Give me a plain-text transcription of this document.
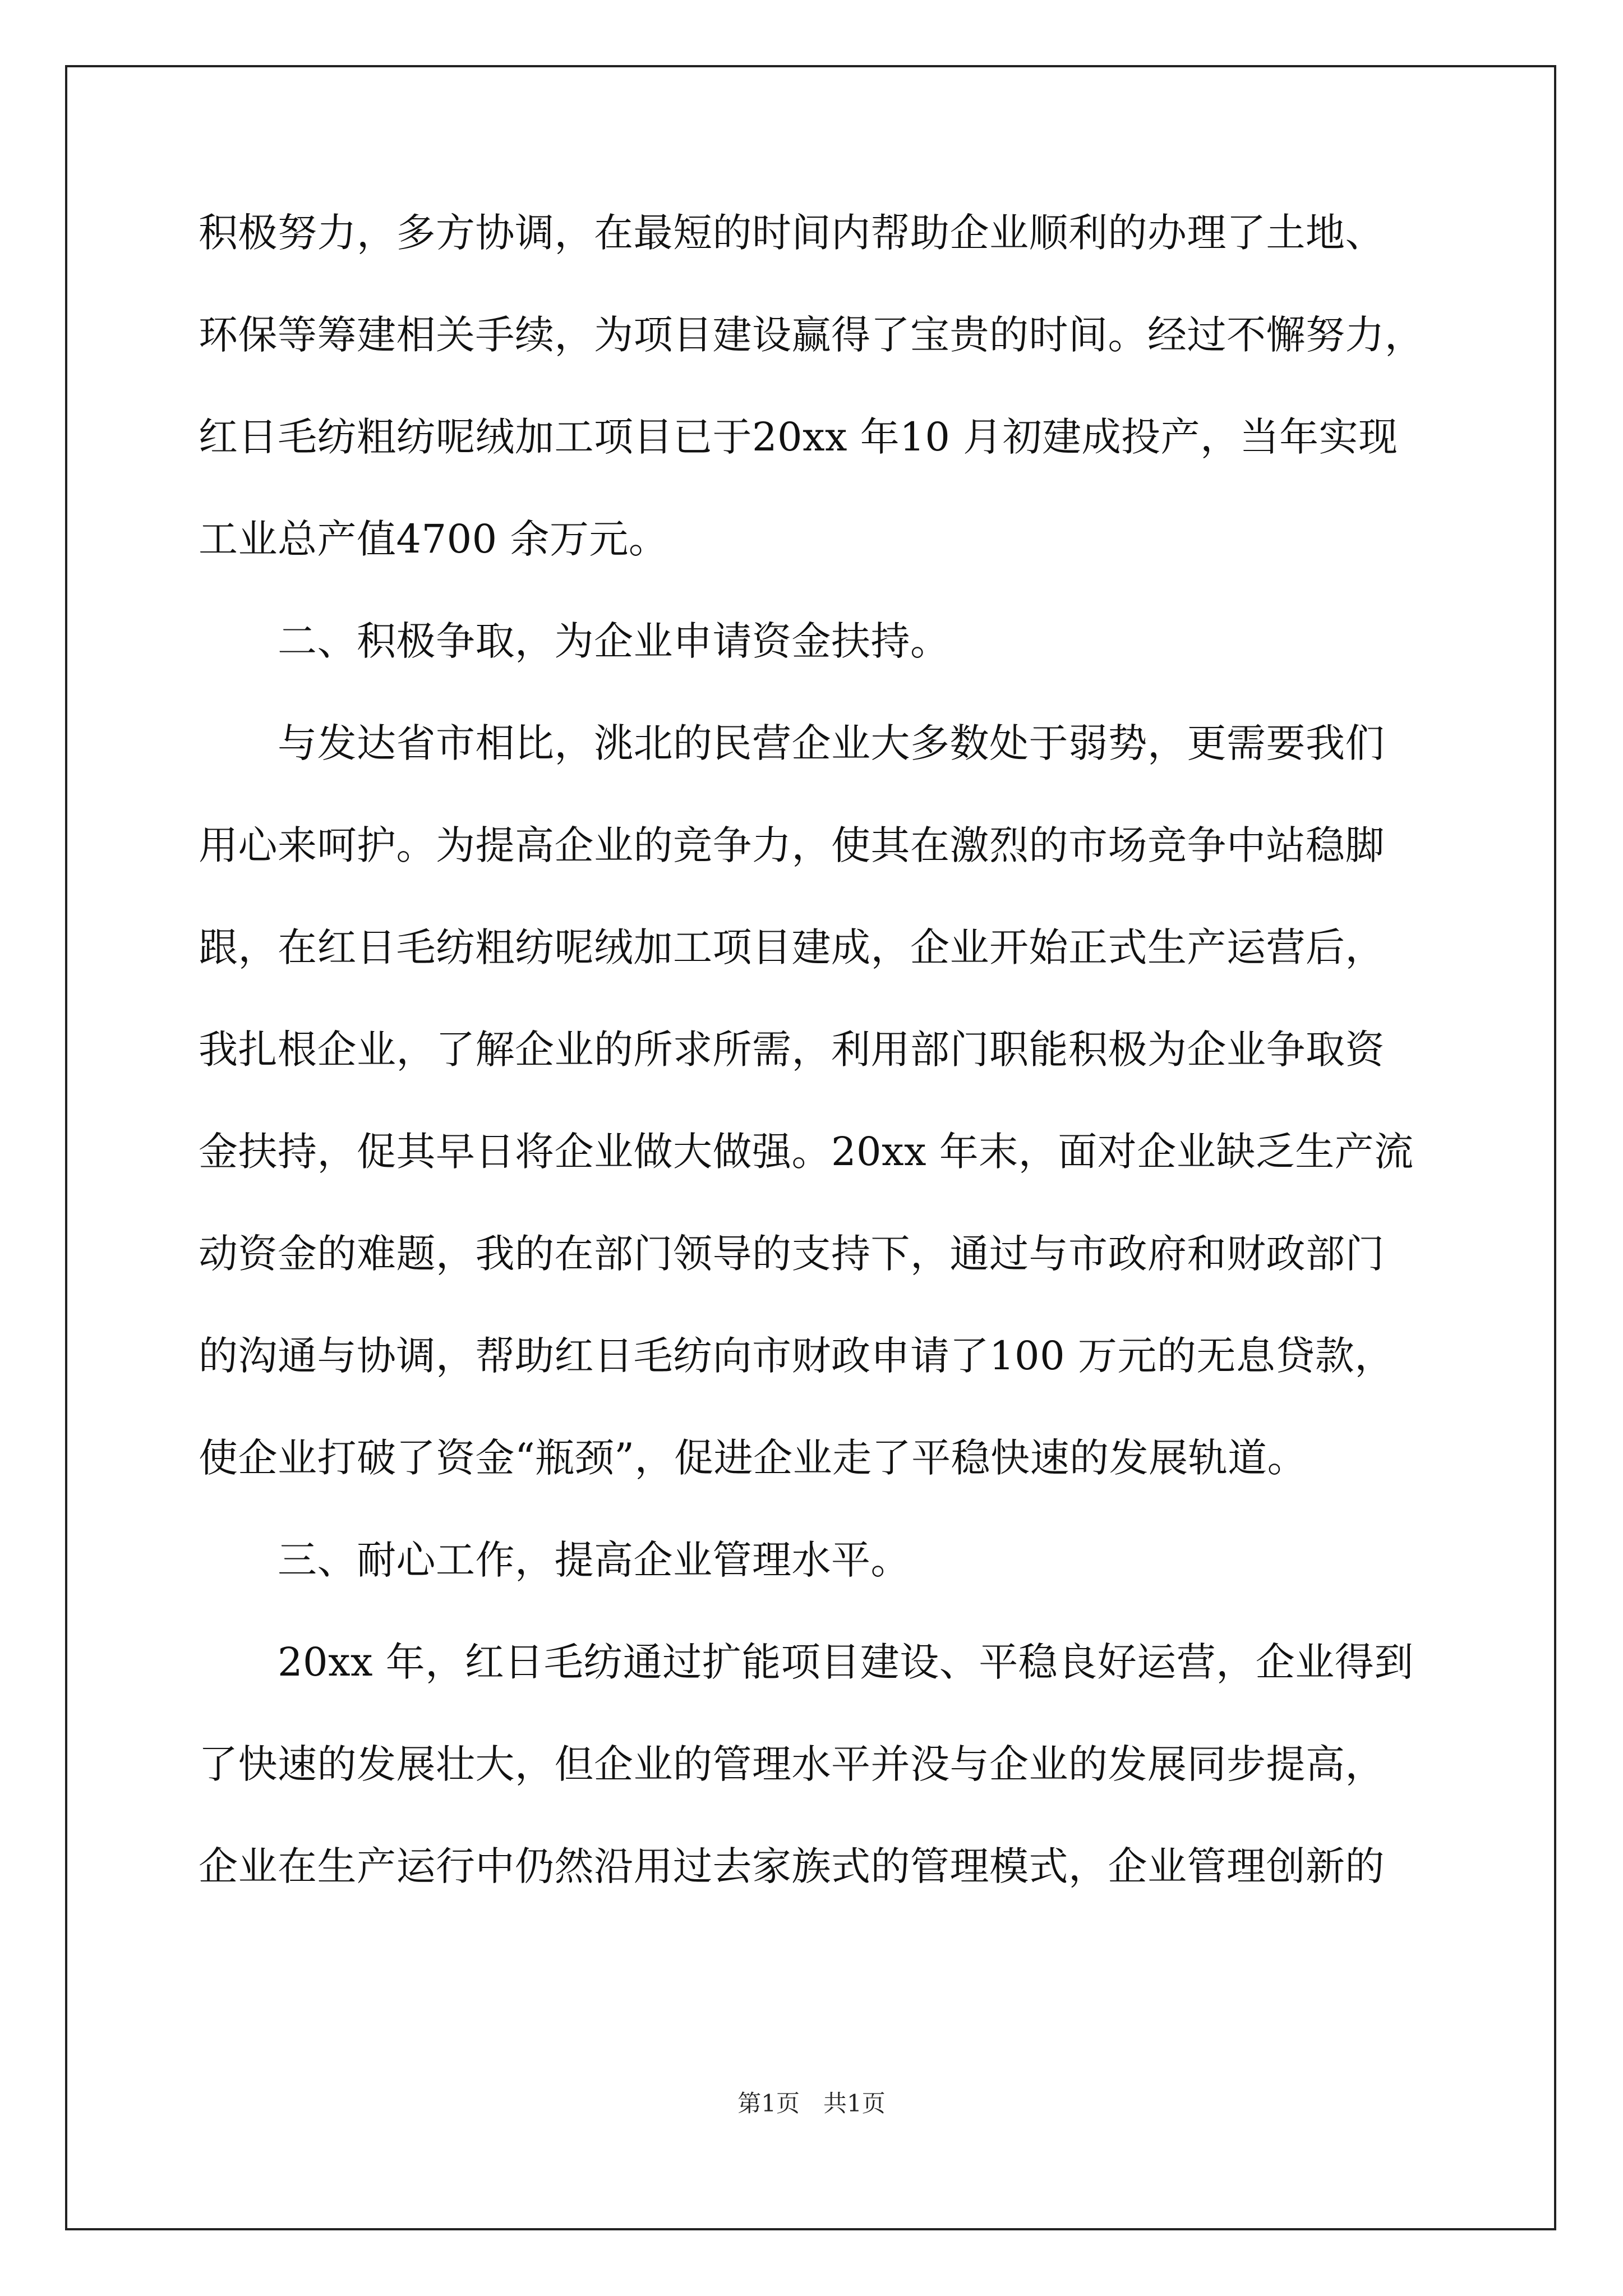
积极努力，多方协调，在最短的时间内帮助企业顺利的办理了土地、
环保等筹建相关手续，为项目建设赢得了宝贵的时间。经过不懈努力，
红日毛纺粗纺呢绒加工项目已于20xx 年10 月初建成投产，当年实现
工业总产值4700 余万元。
　　二、积极争取，为企业申请资金扶持。
　　与发达省市相比，洮北的民营企业大多数处于弱势，更需要我们
用心来呵护。为提高企业的竞争力，使其在激烈的市场竞争中站稳脚
跟，在红日毛纺粗纺呢绒加工项目建成，企业开始正式生产运营后，
我扎根企业，了解企业的所求所需，利用部门职能积极为企业争取资
金扶持，促其早日将企业做大做强。20xx 年末，面对企业缺乏生产流
动资金的难题，我的在部门领导的支持下，通过与市政府和财政部门
的沟通与协调，帮助红日毛纺向市财政申请了100 万元的无息贷款，
使企业打破了资金“瓶颈”，促进企业走了平稳快速的发展轨道。
　　三、耐心工作，提高企业管理水平。
　　20xx 年，红日毛纺通过扩能项目建设、平稳良好运营，企业得到
了快速的发展壮大，但企业的管理水平并没与企业的发展同步提高，
企业在生产运行中仍然沿用过去家族式的管理模式，企业管理创新的
第1页　共1页
